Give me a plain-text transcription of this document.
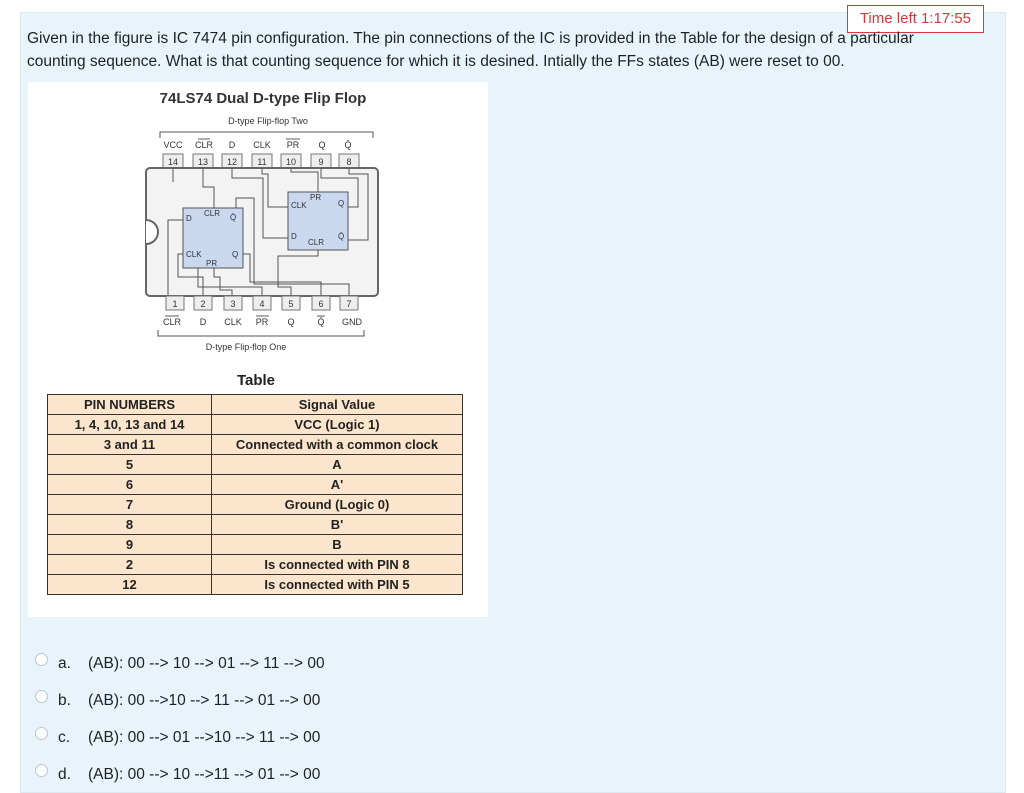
Time left 1:17:55
Given in the figure is IC 7474 pin configuration. The pin connections of the IC is provided in the Table for the design of a particular counting sequence. What is that counting sequence for which it is desined. Intially the FFs states (AB) were reset to 00.
74LS74 Dual D-type Flip Flop
D-type Flip-flop Two
VCC CLR D CLK PR Q Q̄
14 13 12 11 10 9	8
D
CLR Q̄
CLK	Q
PR
CLK
PR
Q
D
CLR
Q̄
1	2	3	4	5	6	7
CLR D CLK PR Q	Q̄ GND
D-type Flip-flop One
Table
PIN NUMBERS	Signal Value
1, 4, 10, 13 and 14	VCC (Logic 1)
3 and 11	Connected with a common clock
5	A
6	A'
7	Ground (Logic 0)
8	B'
9	B
2	Is connected with PIN 8
12	Is connected with PIN 5
a.	(AB): 00 --> 10 --> 01 --> 11 --> 00
b.	(AB): 00 -->10 --> 11 --> 01 --> 00
c.	(AB): 00 --> 01 -->10 --> 11 --> 00
d.	(AB): 00 --> 10 -->11 --> 01 --> 00
